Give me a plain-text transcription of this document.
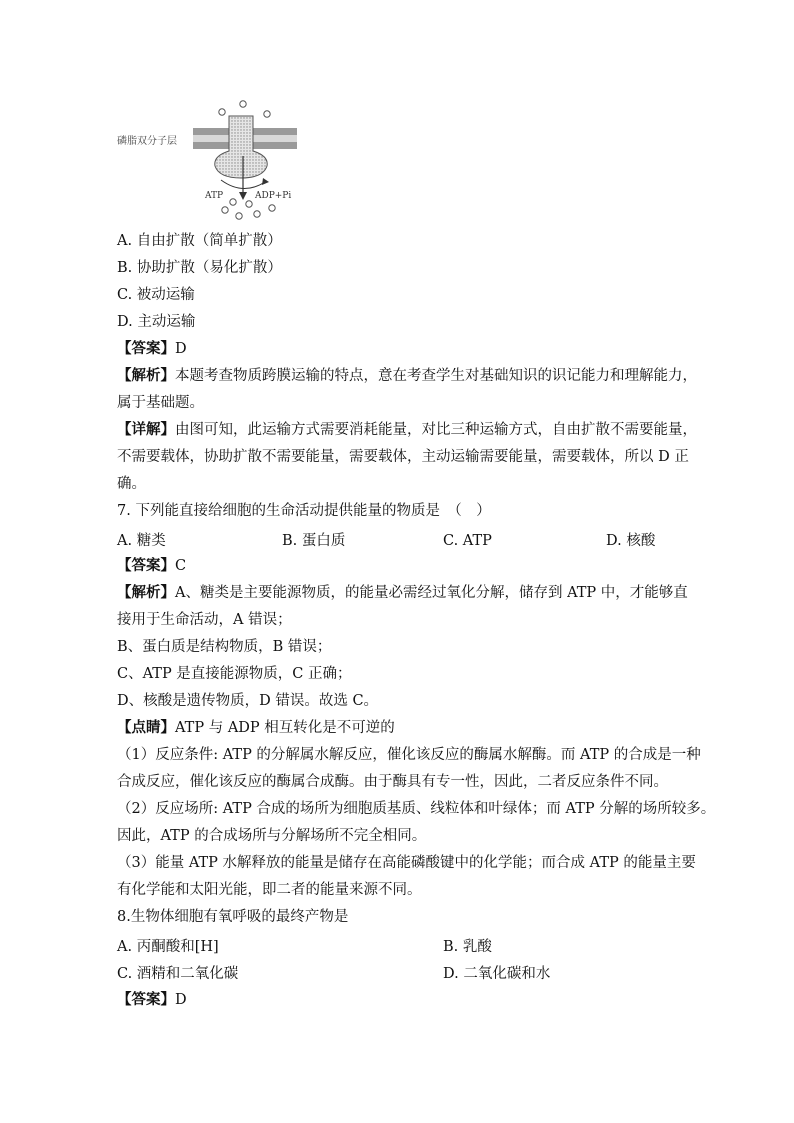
ATP	ADP+Pi
磷脂双分子层
A. 自由扩散（简单扩散）
B. 协助扩散（易化扩散）
C. 被动运输
D. 主动运输
【答案】D
【解析】本题考查物质跨膜运输的特点，意在考查学生对基础知识的识记能力和理解能力，
属于基础题。
【详解】由图可知，此运输方式需要消耗能量，对比三种运输方式，自由扩散不需要能量，
不需要载体，协助扩散不需要能量，需要载体，主动运输需要能量，需要载体，所以 D 正
确。
7. 下列能直接给细胞的生命活动提供能量的物质是　（　）
A. 糖类	B. 蛋白质	C. ATP	D. 核酸
【答案】C
【解析】A、糖类是主要能源物质，的能量必需经过氧化分解，储存到 ATP 中，才能够直
接用于生命活动，A 错误；
B、蛋白质是结构物质，B 错误；
C、ATP 是直接能源物质，C 正确；
D、核酸是遗传物质，D 错误。故选 C。
【点睛】ATP 与 ADP 相互转化是不可逆的
（1）反应条件: ATP 的分解属水解反应，催化该反应的酶属水解酶。而 ATP 的合成是一种
合成反应，催化该反应的酶属合成酶。由于酶具有专一性，因此，二者反应条件不同。
（2）反应场所: ATP 合成的场所为细胞质基质、线粒体和叶绿体；而 ATP 分解的场所较多。
因此，ATP 的合成场所与分解场所不完全相同。
（3）能量 ATP 水解释放的能量是储存在高能磷酸键中的化学能；而合成 ATP 的能量主要
有化学能和太阳光能，即二者的能量来源不同。
8.生物体细胞有氧呼吸的最终产物是
A. 丙酮酸和[H]	B. 乳酸
C. 酒精和二氧化碳	D. 二氧化碳和水
【答案】D
